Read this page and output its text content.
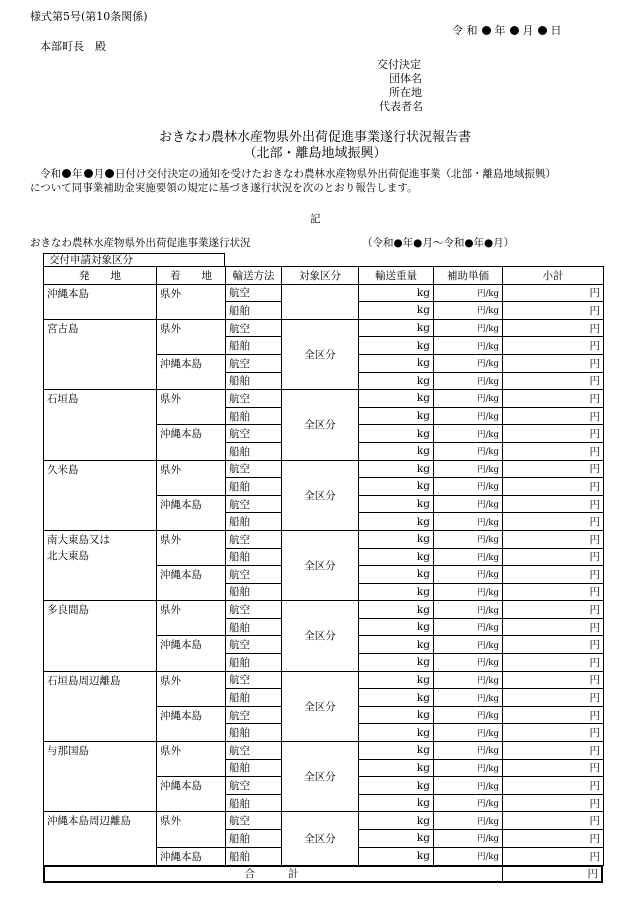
様式第5号(第10条関係)
令 和 年 月 日
本部町長　殿
交付決定
団体名
所在地
代表者名
おきなわ農林水産物県外出荷促進事業遂行状況報告書
（北部・離島地域振興）
令和 年 月 日付け交付決定の通知を受けたおきなわ農林水産物県外出荷促進事業（北部・離島地域振興）
について同事業補助金実施要領の規定に基づき遂行状況を次のとおり報告します。
記
おきなわ農林水産物県外出荷促進事業遂行状況	（令和●年●月～令和●年●月）
交付申請対象区分
発　　地	着　　地	輸送方法	対象区分	輸送重量	補助単価	小計
沖縄本島	県外	航空		kg	円/kg	円
		船舶		kg	円/kg	円
宮古島	県外	航空	全区分	kg	円/kg	円
		船舶		kg	円/kg	円
	沖縄本島	航空		kg	円/kg	円
		船舶		kg	円/kg	円
石垣島	県外	航空	全区分	kg	円/kg	円
		船舶		kg	円/kg	円
	沖縄本島	航空		kg	円/kg	円
		船舶		kg	円/kg	円
久米島	県外	航空	全区分	kg	円/kg	円
		船舶		kg	円/kg	円
	沖縄本島	航空		kg	円/kg	円
		船舶		kg	円/kg	円
南大東島又は
北大東島	県外	航空	全区分	kg	円/kg	円
		船舶		kg	円/kg	円
	沖縄本島	航空		kg	円/kg	円
		船舶		kg	円/kg	円
多良間島	県外	航空	全区分	kg	円/kg	円
		船舶		kg	円/kg	円
	沖縄本島	航空		kg	円/kg	円
		船舶		kg	円/kg	円
石垣島周辺離島	県外	航空	全区分	kg	円/kg	円
		船舶		kg	円/kg	円
	沖縄本島	航空		kg	円/kg	円
		船舶		kg	円/kg	円
与那国島	県外	航空	全区分	kg	円/kg	円
		船舶		kg	円/kg	円
	沖縄本島	航空		kg	円/kg	円
		船舶		kg	円/kg	円
沖縄本島周辺離島	県外	航空	全区分	kg	円/kg	円
		船舶		kg	円/kg	円
	沖縄本島	船舶		kg	円/kg	円
合　　計	円
